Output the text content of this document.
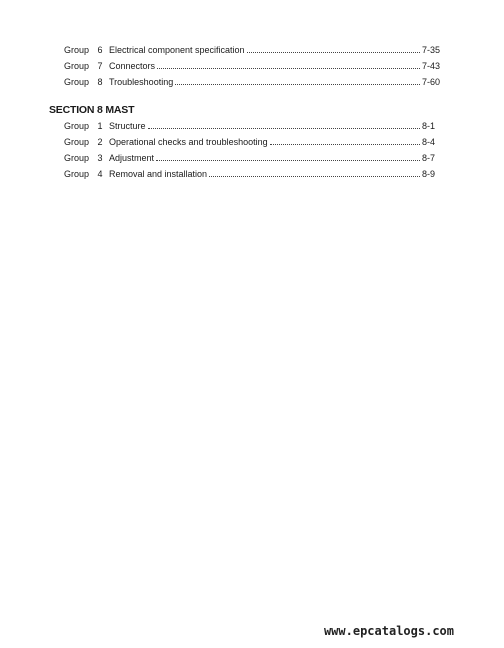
Group 6 Electrical component specification	7-35
Group 7 Connectors	7-43
Group 8 Troubleshooting	7-60
SECTION 8 MAST
Group 1 Structure	8-1
Group 2 Operational checks and troubleshooting	8-4
Group 3 Adjustment	8-7
Group 4 Removal and installation	8-9
www.epcatalogs.com
